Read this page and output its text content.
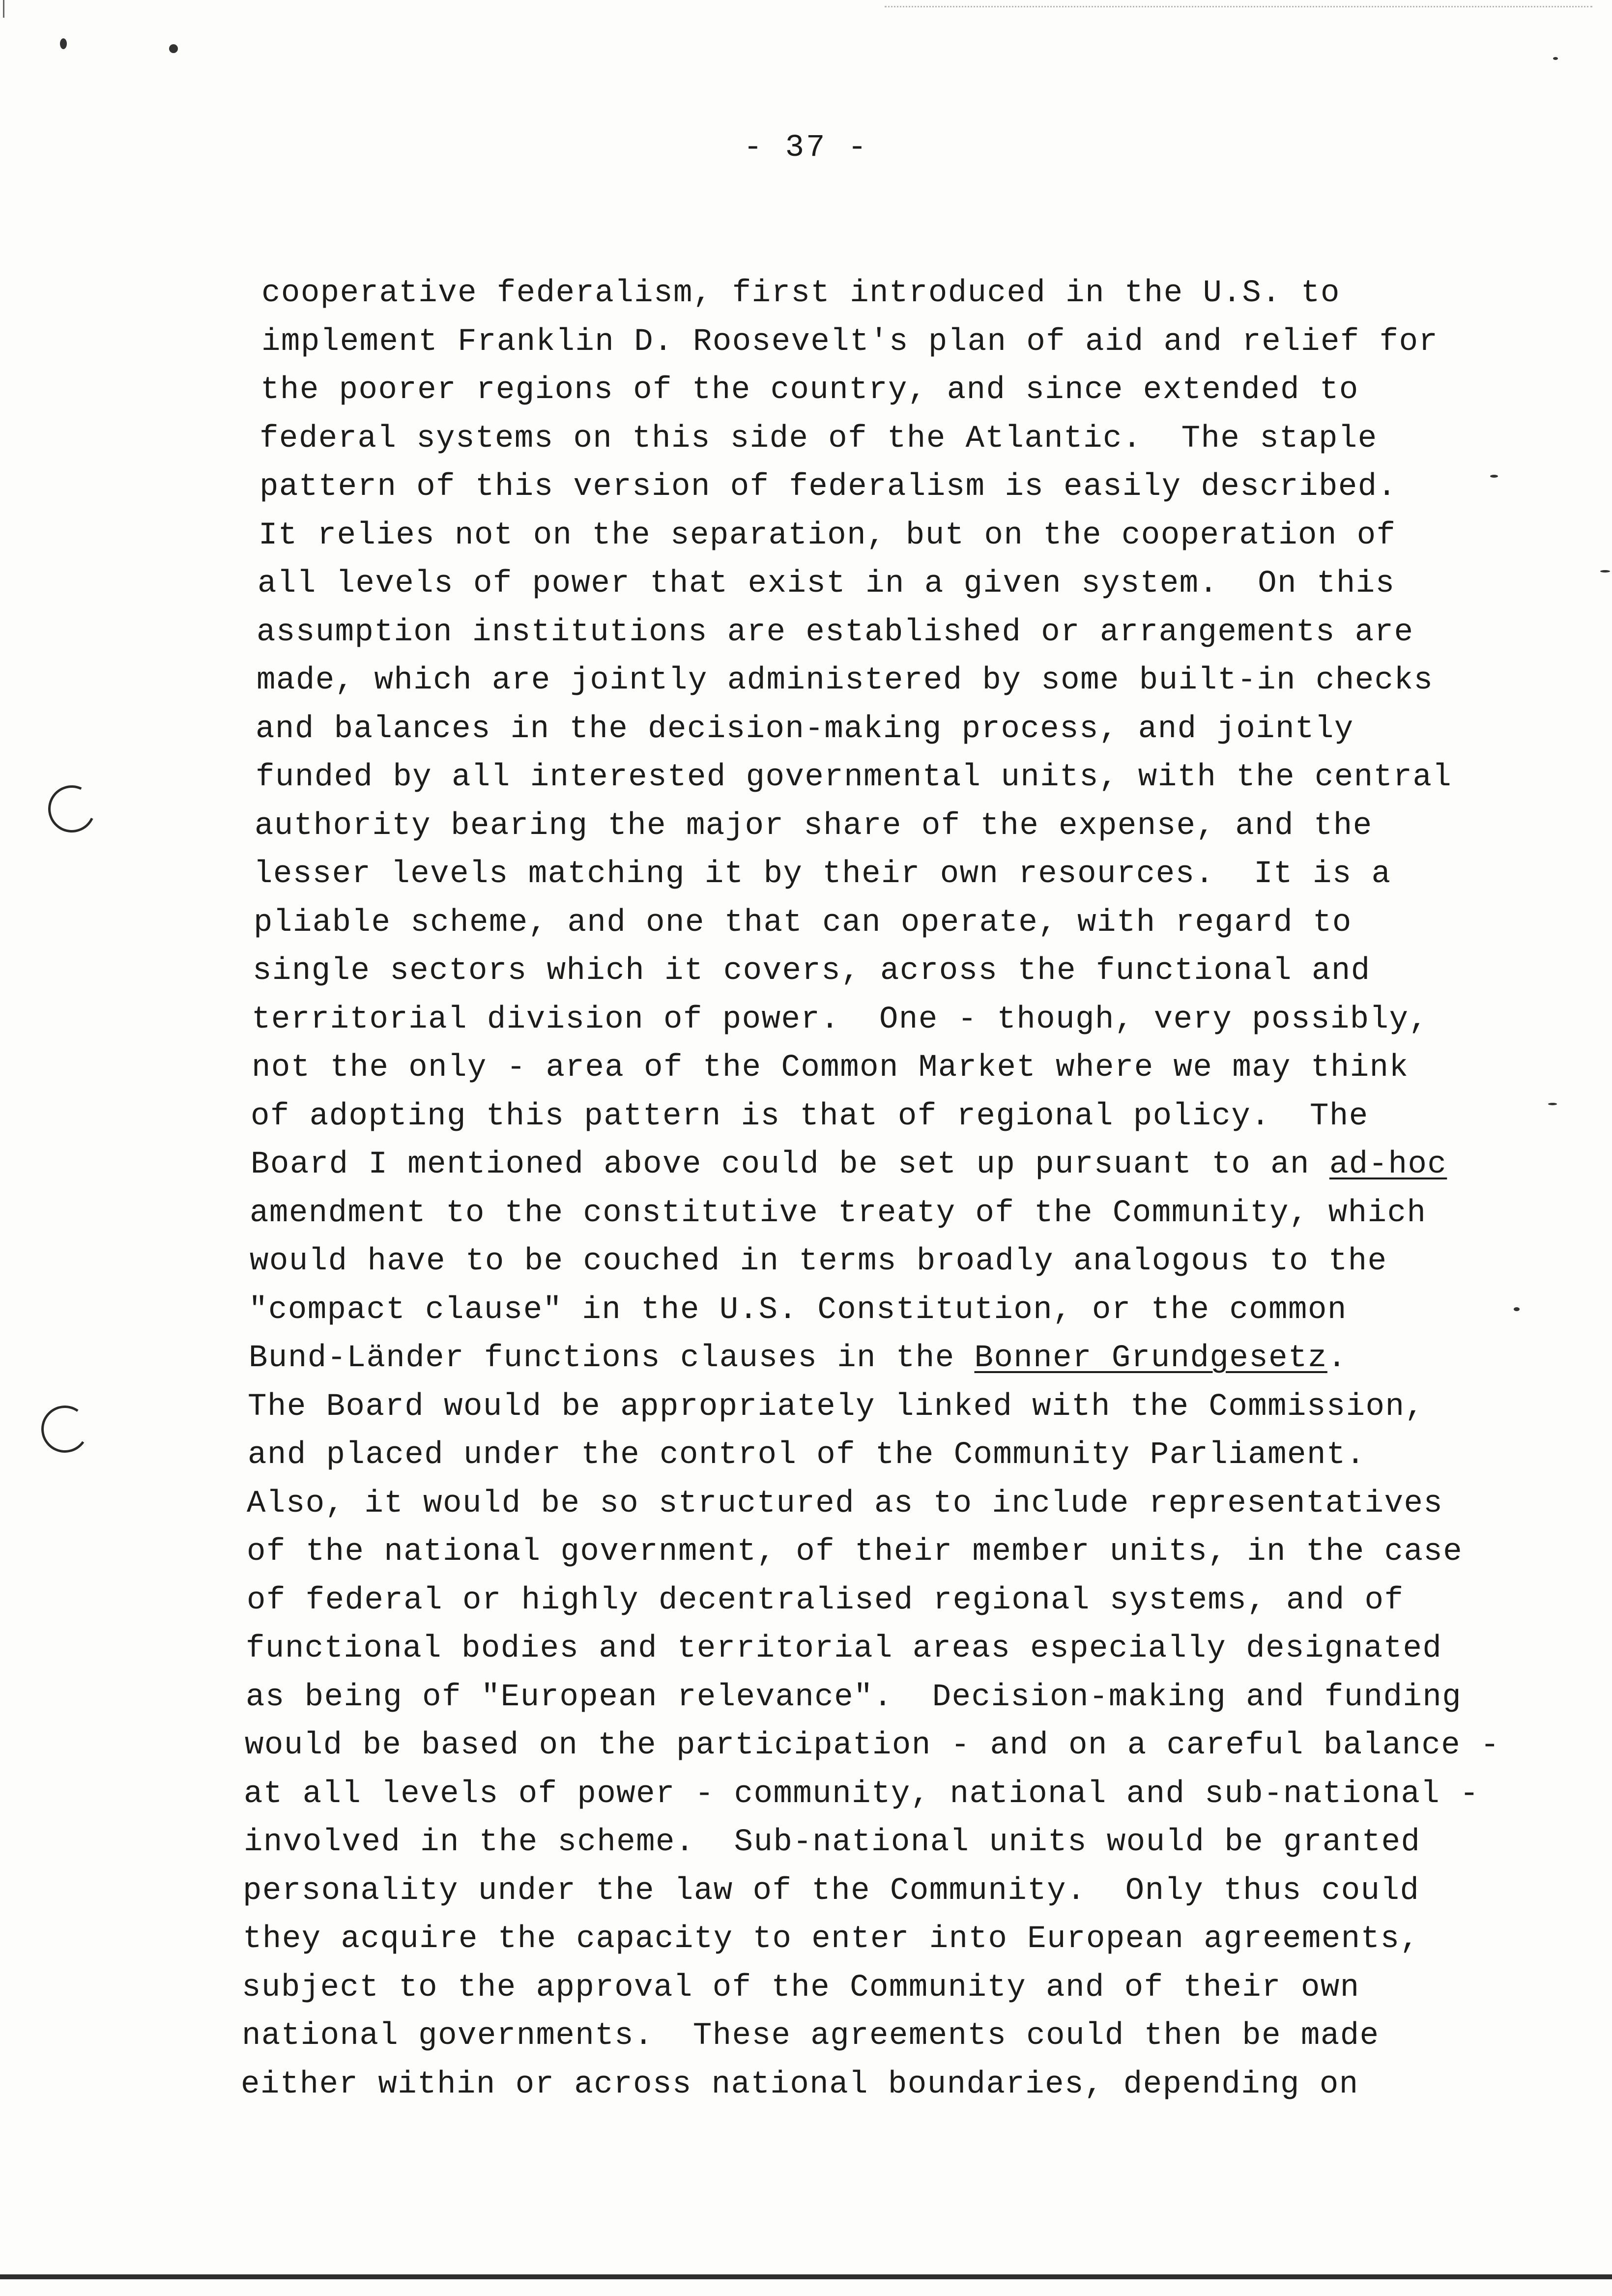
- 37 -
cooperative federalism, first introduced in the U.S. to
implement Franklin D. Roosevelt's plan of aid and relief for
the poorer regions of the country, and since extended to
federal systems on this side of the Atlantic.  The staple
pattern of this version of federalism is easily described.
It relies not on the separation, but on the cooperation of
all levels of power that exist in a given system.  On this
assumption institutions are established or arrangements are
made, which are jointly administered by some built-in checks
and balances in the decision-making process, and jointly
funded by all interested governmental units, with the central
authority bearing the major share of the expense, and the
lesser levels matching it by their own resources.  It is a
pliable scheme, and one that can operate, with regard to
single sectors which it covers, across the functional and
territorial division of power.  One - though, very possibly,
not the only - area of the Common Market where we may think
of adopting this pattern is that of regional policy.  The
Board I mentioned above could be set up pursuant to an ad-hoc
amendment to the constitutive treaty of the Community, which
would have to be couched in terms broadly analogous to the
"compact clause" in the U.S. Constitution, or the common
Bund-Länder functions clauses in the Bonner Grundgesetz.
The Board would be appropriately linked with the Commission,
and placed under the control of the Community Parliament.
Also, it would be so structured as to include representatives
of the national government, of their member units, in the case
of federal or highly decentralised regional systems, and of
functional bodies and territorial areas especially designated
as being of "European relevance".  Decision-making and funding
would be based on the participation - and on a careful balance -
at all levels of power - community, national and sub-national -
involved in the scheme.  Sub-national units would be granted
personality under the law of the Community.  Only thus could
they acquire the capacity to enter into European agreements,
subject to the approval of the Community and of their own
national governments.  These agreements could then be made
either within or across national boundaries, depending on
